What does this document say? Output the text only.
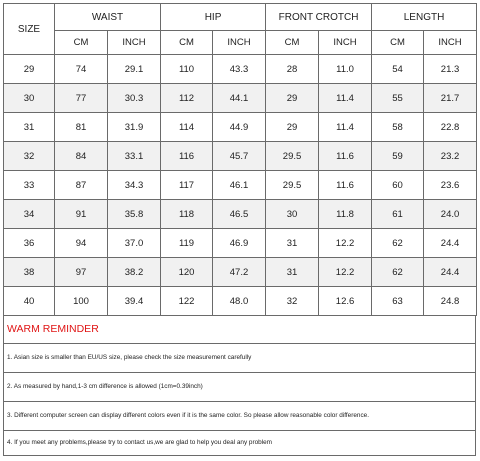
SIZE	WAIST		HIP		FRONT CROTCH		LENGTH	
	CM	INCH	CM	INCH	CM	INCH	CM	INCH
29	74	29.1	110	43.3	28	11.0	54	21.3
30	77	30.3	112	44.1	29	11.4	55	21.7
31	81	31.9	114	44.9	29	11.4	58	22.8
32	84	33.1	116	45.7	29.5	11.6	59	23.2
33	87	34.3	117	46.1	29.5	11.6	60	23.6
34	91	35.8	118	46.5	30	11.8	61	24.0
36	94	37.0	119	46.9	31	12.2	62	24.4
38	97	38.2	120	47.2	31	12.2	62	24.4
40	100	39.4	122	48.0	32	12.6	63	24.8
WARM REMINDER
1. Asian size is smaller than EU/US size, please check the size measurement carefully
2. As measured by hand,1-3 cm difference is allowed (1cm=0.39inch)
3. Different computer screen can display different colors even if it is the same color. So please allow reasonable color difference.
4. If you meet any problems,please try to contact us,we are glad to help you deal any problem
